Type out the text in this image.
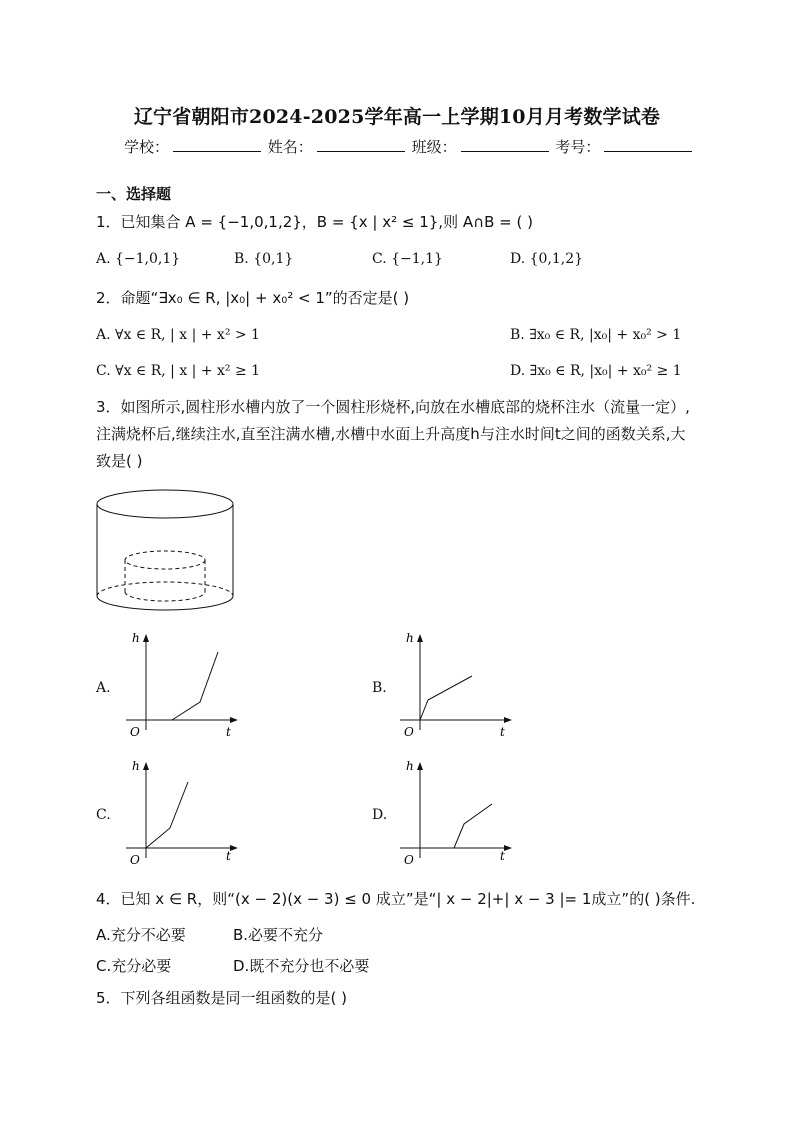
辽宁省朝阳市2024-2025学年高一上学期10月月考数学试卷
学校：	姓名：	班级：	考号：
一、选择题
1．已知集合 A = {−1,0,1,2}，B = {x | x² ≤ 1},则 A∩B = ( )
A. {−1,0,1}	B. {0,1}	C. {−1,1}	D. {0,1,2}
2．命题“∃x₀ ∈ R, |x₀| + x₀² < 1”的否定是( )
A. ∀x ∈ R, | x | + x² > 1	B. ∃x₀ ∈ R, |x₀| + x₀² > 1
C. ∀x ∈ R, | x | + x² ≥ 1	D. ∃x₀ ∈ R, |x₀| + x₀² ≥ 1
3．如图所示,圆柱形水槽内放了一个圆柱形烧杯,向放在水槽底部的烧杯注水（流量一定）,注满烧杯后,继续注水,直至注满水槽,水槽中水面上升高度h与注水时间t之间的函数关系,大致是( )
A.
h
O	t
B.
h
O	t
C.
h
O	t
D.
h
O	t
4．已知 x ∈ R，则“(x − 2)(x − 3) ≤ 0 成立”是“| x − 2|+| x − 3 |= 1成立”的( )条件.
A.充分不必要	B.必要不充分
C.充分必要	D.既不充分也不必要
5．下列各组函数是同一组函数的是( )
